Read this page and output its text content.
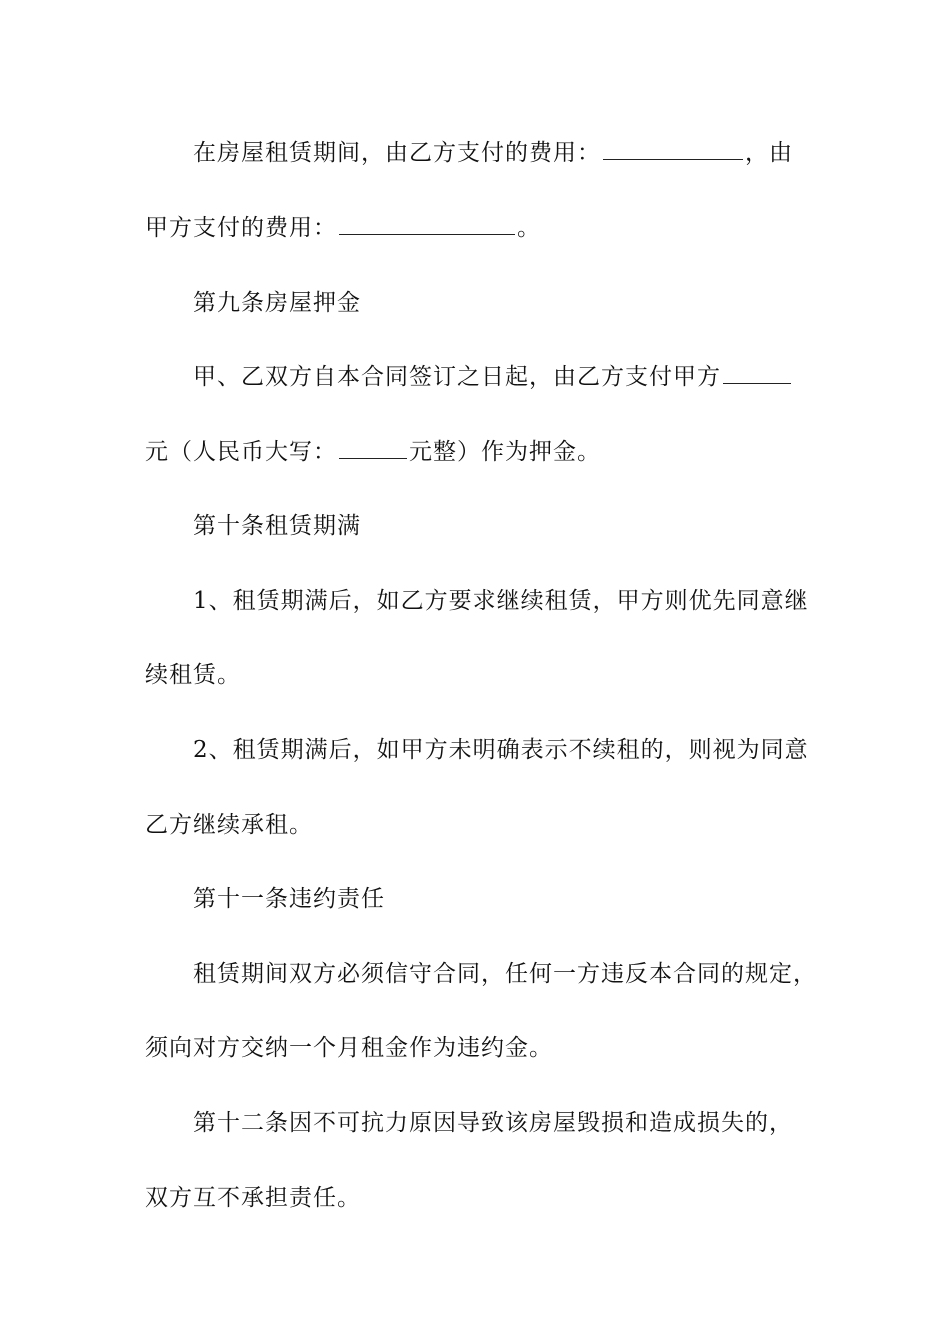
在房屋租赁期间，由乙方支付的费用：	，由
甲方支付的费用：	。
第九条房屋押金
甲、乙双方自本合同签订之日起，由乙方支付甲方
元（人民币大写：	元整）作为押金。
第十条租赁期满
1、租赁期满后，如乙方要求继续租赁，甲方则优先同意继
续租赁。
2、租赁期满后，如甲方未明确表示不续租的，则视为同意
乙方继续承租。
第十一条违约责任
租赁期间双方必须信守合同，任何一方违反本合同的规定，
须向对方交纳一个月租金作为违约金。
第十二条因不可抗力原因导致该房屋毁损和造成损失的，
双方互不承担责任。
